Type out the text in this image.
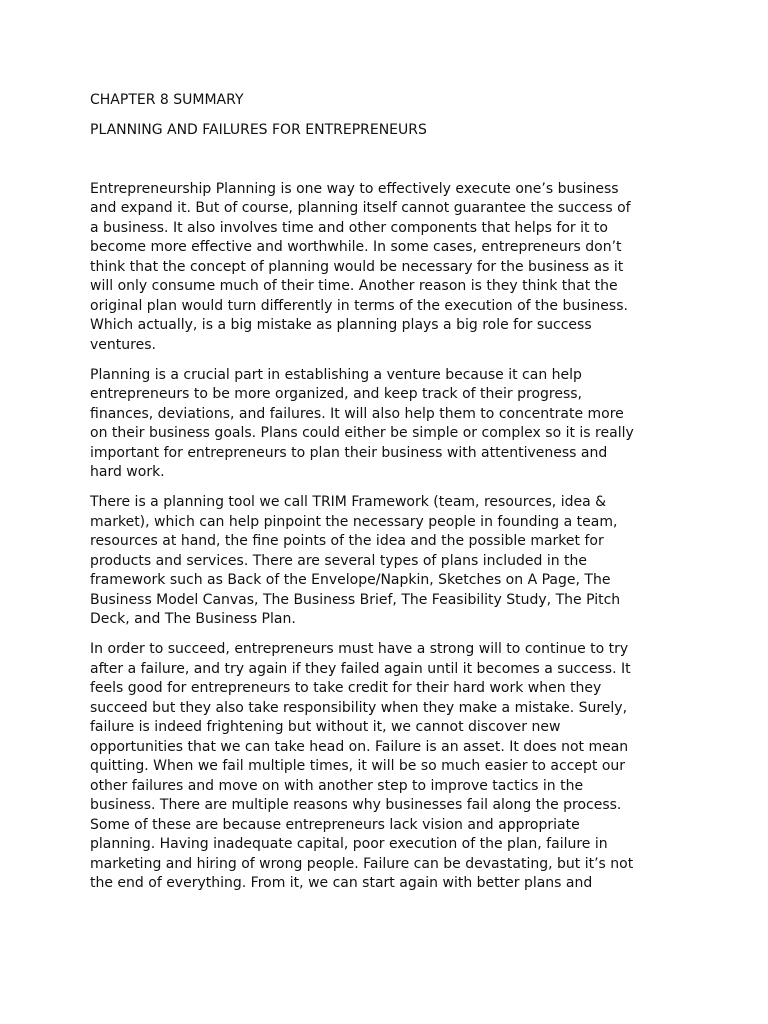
CHAPTER 8 SUMMARY
PLANNING AND FAILURES FOR ENTREPRENEURS

Entrepreneurship Planning is one way to effectively execute one’s business
and expand it. But of course, planning itself cannot guarantee the success of
a business. It also involves time and other components that helps for it to
become more effective and worthwhile. In some cases, entrepreneurs don’t
think that the concept of planning would be necessary for the business as it
will only consume much of their time. Another reason is they think that the
original plan would turn differently in terms of the execution of the business.
Which actually, is a big mistake as planning plays a big role for success
ventures.

Planning is a crucial part in establishing a venture because it can help
entrepreneurs to be more organized, and keep track of their progress,
finances, deviations, and failures. It will also help them to concentrate more
on their business goals. Plans could either be simple or complex so it is really
important for entrepreneurs to plan their business with attentiveness and
hard work.

There is a planning tool we call TRIM Framework (team, resources, idea &
market), which can help pinpoint the necessary people in founding a team,
resources at hand, the fine points of the idea and the possible market for
products and services. There are several types of plans included in the
framework such as Back of the Envelope/Napkin, Sketches on A Page, The
Business Model Canvas, The Business Brief, The Feasibility Study, The Pitch
Deck, and The Business Plan.

In order to succeed, entrepreneurs must have a strong will to continue to try
after a failure, and try again if they failed again until it becomes a success. It
feels good for entrepreneurs to take credit for their hard work when they
succeed but they also take responsibility when they make a mistake. Surely,
failure is indeed frightening but without it, we cannot discover new
opportunities that we can take head on. Failure is an asset. It does not mean
quitting. When we fail multiple times, it will be so much easier to accept our
other failures and move on with another step to improve tactics in the
business. There are multiple reasons why businesses fail along the process.
Some of these are because entrepreneurs lack vision and appropriate
planning. Having inadequate capital, poor execution of the plan, failure in
marketing and hiring of wrong people. Failure can be devastating, but it’s not
the end of everything. From it, we can start again with better plans and
